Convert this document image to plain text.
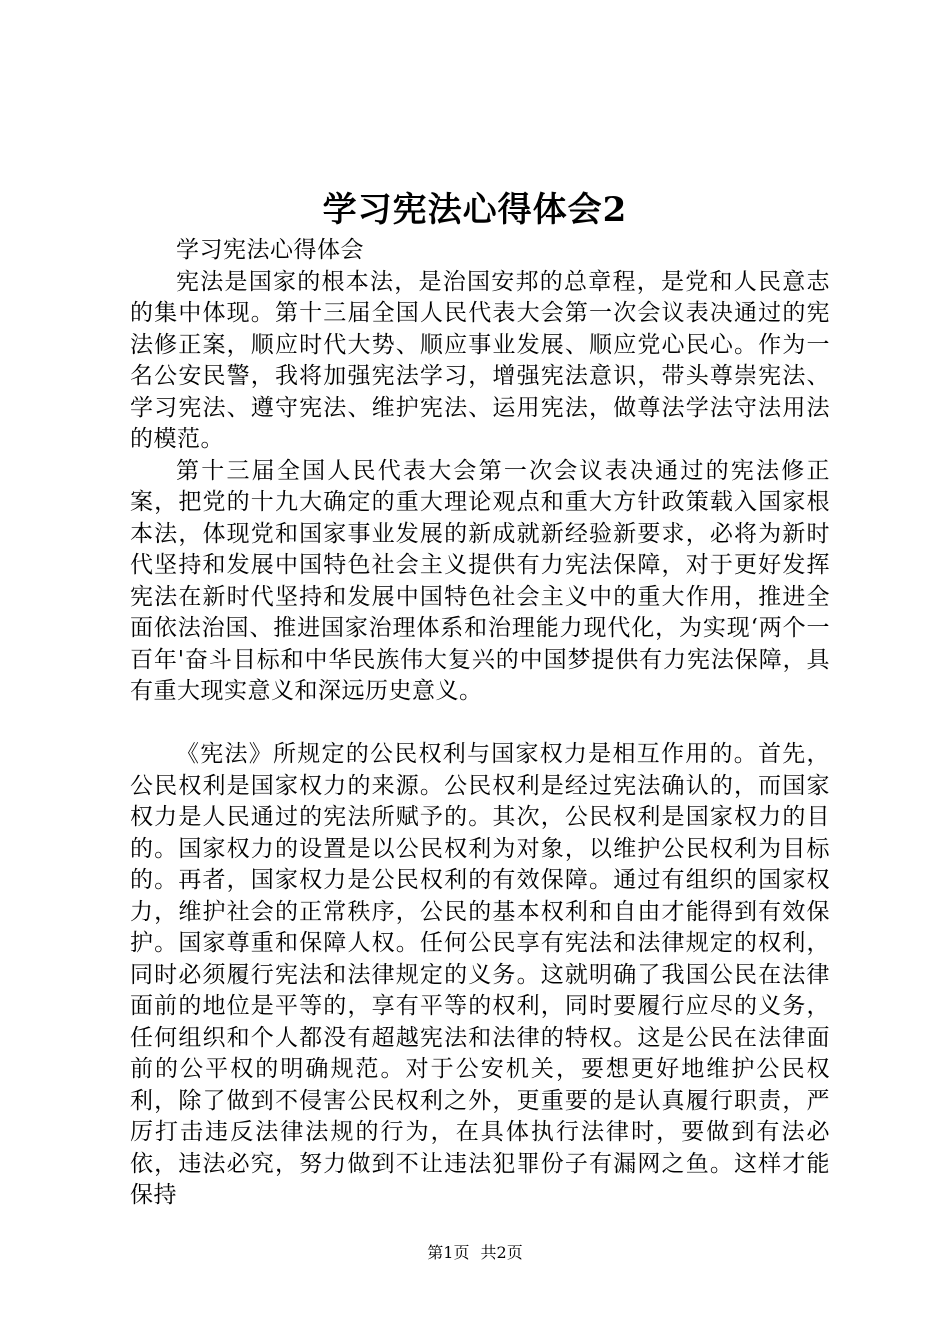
学习宪法心得体会2

学习宪法心得体会

宪法是国家的根本法，是治国安邦的总章程，是党和人民意志的集中体现。第十三届全国人民代表大会第一次会议表决通过的宪法修正案，顺应时代大势、顺应事业发展、顺应党心民心。作为一名公安民警，我将加强宪法学习，增强宪法意识，带头尊崇宪法、学习宪法、遵守宪法、维护宪法、运用宪法，做尊法学法守法用法的模范。

第十三届全国人民代表大会第一次会议表决通过的宪法修正案，把党的十九大确定的重大理论观点和重大方针政策载入国家根本法，体现党和国家事业发展的新成就新经验新要求，必将为新时代坚持和发展中国特色社会主义提供有力宪法保障，对于更好发挥宪法在新时代坚持和发展中国特色社会主义中的重大作用，推进全面依法治国、推进国家治理体系和治理能力现代化，为实现‘两个一百年'奋斗目标和中华民族伟大复兴的中国梦提供有力宪法保障，具有重大现实意义和深远历史意义。

《宪法》所规定的公民权利与国家权力是相互作用的。首先，公民权利是国家权力的来源。公民权利是经过宪法确认的，而国家权力是人民通过的宪法所赋予的。其次，公民权利是国家权力的目的。国家权力的设置是以公民权利为对象，以维护公民权利为目标的。再者，国家权力是公民权利的有效保障。通过有组织的国家权力，维护社会的正常秩序，公民的基本权利和自由才能得到有效保护。国家尊重和保障人权。任何公民享有宪法和法律规定的权利，同时必须履行宪法和法律规定的义务。这就明确了我国公民在法律面前的地位是平等的，享有平等的权利，同时要履行应尽的义务，任何组织和个人都没有超越宪法和法律的特权。这是公民在法律面前的公平权的明确规范。对于公安机关，要想更好地维护公民权利，除了做到不侵害公民权利之外，更重要的是认真履行职责，严厉打击违反法律法规的行为，在具体执行法律时，要做到有法必依，违法必究，努力做到不让违法犯罪份子有漏网之鱼。这样才能保持

第1页 共2页
